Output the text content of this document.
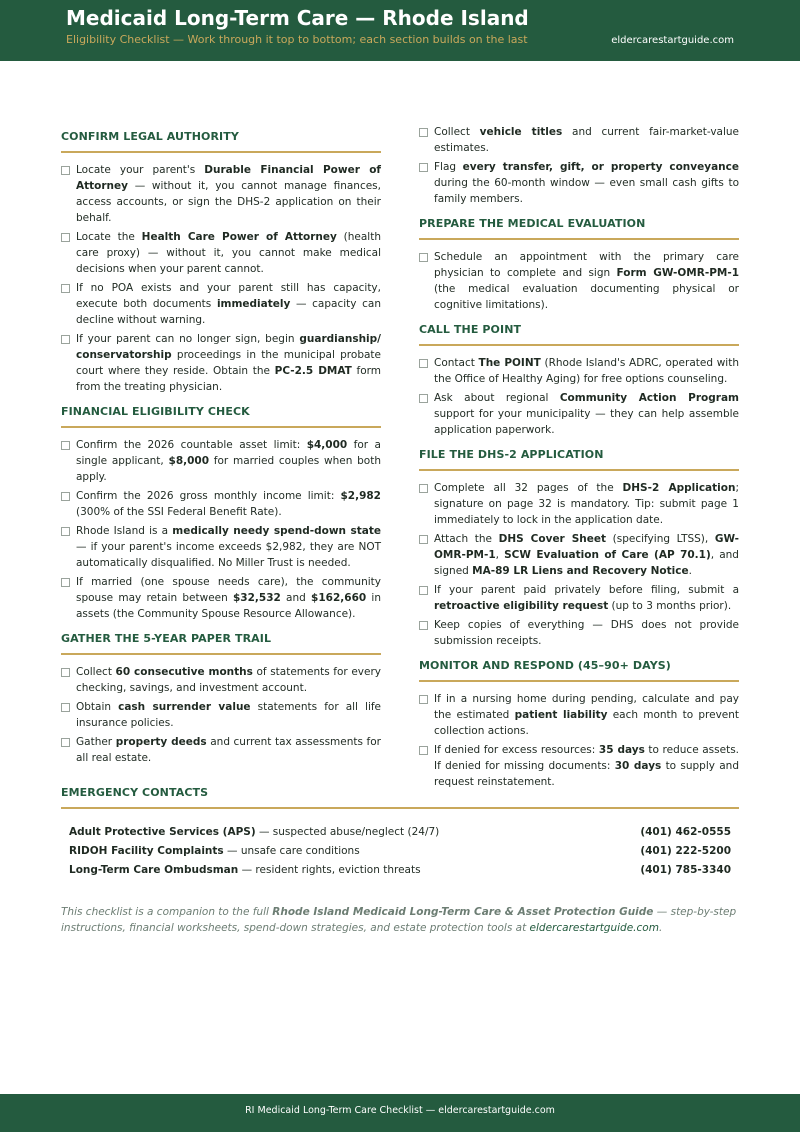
Medicaid Long-Term Care — Rhode Island
Eligibility Checklist — Work through it top to bottom; each section builds on the last	eldercarestartguide.com
CONFIRM LEGAL AUTHORITY
Locate your parent's Durable Financial Power of Attorney — without it, you cannot manage finances, access accounts, or sign the DHS-2 application on their behalf.
Locate the Health Care Power of Attorney (health care proxy) — without it, you cannot make medical decisions when your parent cannot.
If no POA exists and your parent still has capacity, execute both documents immediately — capacity can decline without warning.
If your parent can no longer sign, begin guardianship/ conservatorship proceedings in the municipal probate court where they reside. Obtain the PC-2.5 DMAT form from the treating physician.
FINANCIAL ELIGIBILITY CHECK
Confirm the 2026 countable asset limit: $4,000 for a single applicant, $8,000 for married couples when both apply.
Confirm the 2026 gross monthly income limit: $2,982 (300% of the SSI Federal Benefit Rate).
Rhode Island is a medically needy spend-down state — if your parent's income exceeds $2,982, they are NOT automatically disqualified. No Miller Trust is needed.
If married (one spouse needs care), the community spouse may retain between $32,532 and $162,660 in assets (the Community Spouse Resource Allowance).
GATHER THE 5-YEAR PAPER TRAIL
Collect 60 consecutive months of statements for every checking, savings, and investment account.
Obtain cash surrender value statements for all life insurance policies.
Gather property deeds and current tax assessments for all real estate.
Collect vehicle titles and current fair-market-value estimates.
Flag every transfer, gift, or property conveyance during the 60-month window — even small cash gifts to family members.
PREPARE THE MEDICAL EVALUATION
Schedule an appointment with the primary care physician to complete and sign Form GW-OMR-PM-1 (the medical evaluation documenting physical or cognitive limitations).
CALL THE POINT
Contact The POINT (Rhode Island's ADRC, operated with the Office of Healthy Aging) for free options counseling.
Ask about regional Community Action Program support for your municipality — they can help assemble application paperwork.
FILE THE DHS-2 APPLICATION
Complete all 32 pages of the DHS-2 Application; signature on page 32 is mandatory. Tip: submit page 1 immediately to lock in the application date.
Attach the DHS Cover Sheet (specifying LTSS), GW-OMR-PM-1, SCW Evaluation of Care (AP 70.1), and signed MA-89 LR Liens and Recovery Notice.
If your parent paid privately before filing, submit a retroactive eligibility request (up to 3 months prior).
Keep copies of everything — DHS does not provide submission receipts.
MONITOR AND RESPOND (45–90+ DAYS)
If in a nursing home during pending, calculate and pay the estimated patient liability each month to prevent collection actions.
If denied for excess resources: 35 days to reduce assets. If denied for missing documents: 30 days to supply and request reinstatement.
EMERGENCY CONTACTS
Adult Protective Services (APS) — suspected abuse/neglect (24/7)	(401) 462-0555
RIDOH Facility Complaints — unsafe care conditions	(401) 222-5200
Long-Term Care Ombudsman — resident rights, eviction threats	(401) 785-3340
This checklist is a companion to the full Rhode Island Medicaid Long-Term Care & Asset Protection Guide — step-by-step instructions, financial worksheets, spend-down strategies, and estate protection tools at eldercarestartguide.com.
RI Medicaid Long-Term Care Checklist — eldercarestartguide.com
